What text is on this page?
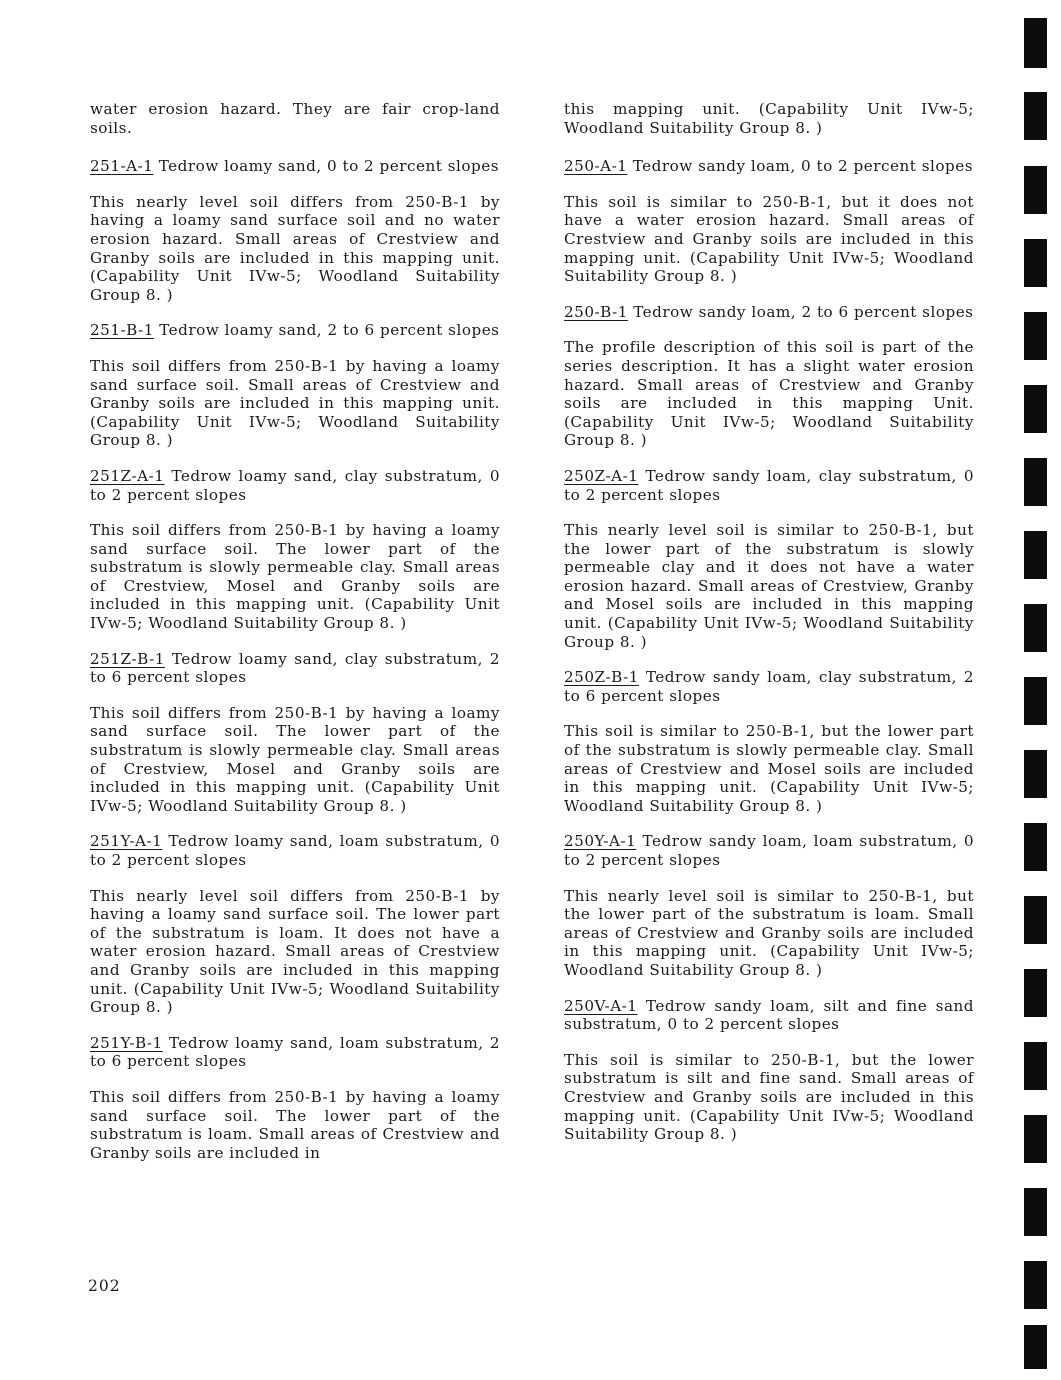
water erosion hazard. They are fair crop-land soils.
251-A-1 Tedrow loamy sand, 0 to 2 percent slopes
This nearly level soil differs from 250-B-1 by having a loamy sand surface soil and no water erosion hazard. Small areas of Crestview and Granby soils are included in this mapping unit. (Capability Unit IVw-5; Woodland Suitability Group 8. )
251-B-1 Tedrow loamy sand, 2 to 6 percent slopes
This soil differs from 250-B-1 by having a loamy sand surface soil. Small areas of Crestview and Granby soils are included in this mapping unit. (Capability Unit IVw-5; Woodland Suitability Group 8. )
251Z-A-1 Tedrow loamy sand, clay substratum, 0 to 2 percent slopes
This soil differs from 250-B-1 by having a loamy sand surface soil. The lower part of the substratum is slowly permeable clay. Small areas of Crestview, Mosel and Granby soils are included in this mapping unit. (Capability Unit IVw-5; Woodland Suitability Group 8. )
251Z-B-1 Tedrow loamy sand, clay substratum, 2 to 6 percent slopes
This soil differs from 250-B-1 by having a loamy sand surface soil. The lower part of the substratum is slowly permeable clay. Small areas of Crestview, Mosel and Granby soils are included in this mapping unit. (Capability Unit IVw-5; Woodland Suitability Group 8. )
251Y-A-1 Tedrow loamy sand, loam substratum, 0 to 2 percent slopes
This nearly level soil differs from 250-B-1 by having a loamy sand surface soil. The lower part of the substratum is loam. It does not have a water erosion hazard. Small areas of Crestview and Granby soils are included in this mapping unit. (Capability Unit IVw-5; Woodland Suitability Group 8. )
251Y-B-1 Tedrow loamy sand, loam substratum, 2 to 6 percent slopes
This soil differs from 250-B-1 by having a loamy sand surface soil. The lower part of the substratum is loam. Small areas of Crestview and Granby soils are included in
this mapping unit. (Capability Unit IVw-5; Woodland Suitability Group 8. )
250-A-1 Tedrow sandy loam, 0 to 2 percent slopes
This soil is similar to 250-B-1, but it does not have a water erosion hazard. Small areas of Crestview and Granby soils are included in this mapping unit. (Capability Unit IVw-5; Woodland Suitability Group 8. )
250-B-1 Tedrow sandy loam, 2 to 6 percent slopes
The profile description of this soil is part of the series description. It has a slight water erosion hazard. Small areas of Crestview and Granby soils are included in this mapping Unit. (Capability Unit IVw-5; Woodland Suitability Group 8. )
250Z-A-1 Tedrow sandy loam, clay substratum, 0 to 2 percent slopes
This nearly level soil is similar to 250-B-1, but the lower part of the substratum is slowly permeable clay and it does not have a water erosion hazard. Small areas of Crestview, Granby and Mosel soils are included in this mapping unit. (Capability Unit IVw-5; Woodland Suitability Group 8. )
250Z-B-1 Tedrow sandy loam, clay substratum, 2 to 6 percent slopes
This soil is similar to 250-B-1, but the lower part of the substratum is slowly permeable clay. Small areas of Crestview and Mosel soils are included in this mapping unit. (Capability Unit IVw-5; Woodland Suitability Group 8. )
250Y-A-1 Tedrow sandy loam, loam substratum, 0 to 2 percent slopes
This nearly level soil is similar to 250-B-1, but the lower part of the substratum is loam. Small areas of Crestview and Granby soils are included in this mapping unit. (Capability Unit IVw-5; Woodland Suitability Group 8. )
250V-A-1 Tedrow sandy loam, silt and fine sand substratum, 0 to 2 percent slopes
This soil is similar to 250-B-1, but the lower substratum is silt and fine sand. Small areas of Crestview and Granby soils are included in this mapping unit. (Capability Unit IVw-5; Woodland Suitability Group 8. )
202
